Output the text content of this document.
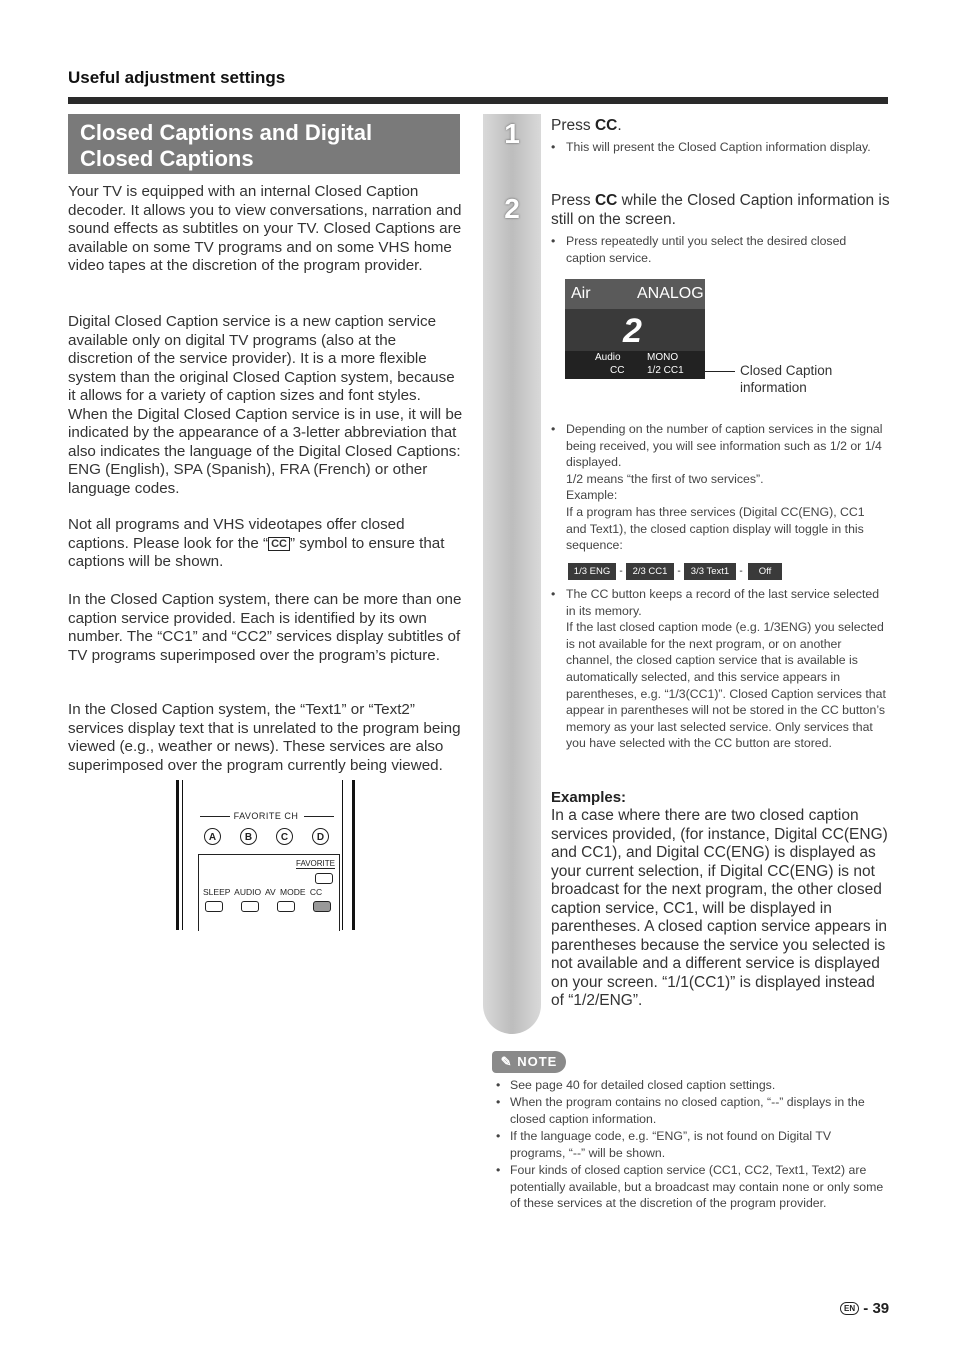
Useful adjustment settings
Closed Captions and Digital Closed Captions
Your TV is equipped with an internal Closed Caption decoder. It allows you to view conversations, narration and sound effects as subtitles on your TV. Closed Captions are available on some TV programs and on some VHS home video tapes at the discretion of the program provider.
Digital Closed Caption service is a new caption service available only on digital TV programs (also at the discretion of the service provider). It is a more flexible system than the original Closed Caption system, because it allows for a variety of caption sizes and font styles. When the Digital Closed Caption service is in use, it will be indicated by the appearance of a 3-letter abbreviation that also indicates the language of the Digital Closed Captions: ENG (English), SPA (Spanish), FRA (French) or other language codes.
Not all programs and VHS videotapes offer closed captions. Please look for the “ CC ” symbol to ensure that captions will be shown.
In the Closed Caption system, there can be more than one caption service provided. Each is identified by its own number. The “CC1” and “CC2” services display subtitles of TV programs superimposed over the program’s picture.
In the Closed Caption system, the “Text1” or “Text2” services display text that is unrelated to the program being viewed (e.g., weather or news). These services are also superimposed over the program currently being viewed.
FAVORITE CH
A	B	C	D
FAVORITE
SLEEP AUDIO AV MODE CC
1
2
Press CC.
• This will present the Closed Caption information display.
Press CC while the Closed Caption information is still on the screen.
• Press repeatedly until you select the desired closed caption service.
Air	ANALOG
2
Audio	MONO
CC 1/2 CC1	Closed Caption information
• Depending on the number of caption services in the signal being received, you will see information such as 1/2 or 1/4 displayed.
1/2 means “the first of two services”.
Example:
If a program has three services (Digital CC(ENG), CC1 and Text1), the closed caption display will toggle in this sequence:
1/3 ENG -	2/3 CC1 -	3/3 Text1	-	Off
• The CC button keeps a record of the last service selected in its memory.
If the last closed caption mode (e.g. 1/3ENG) you selected is not available for the next program, or on another channel, the closed caption service that is available is automatically selected, and this service appears in parentheses, e.g. “1/3(CC1)”. Closed Caption services that appear in parentheses will not be stored in the CC button’s memory as your last selected service. Only services that you have selected with the CC button are stored.
Examples:
In a case where there are two closed caption services provided, (for instance, Digital CC(ENG) and CC1), and Digital CC(ENG) is displayed as your current selection, if Digital CC(ENG) is not broadcast for the next program, the other closed caption service, CC1, will be displayed in parentheses. A closed caption service appears in parentheses because the service you selected is not available and a different service is displayed on your screen. “1/1(CC1)” is displayed instead of “1/2/ENG”.
✎ NOTE
• See page 40 for detailed closed caption settings.
• When the program contains no closed caption, “--” displays in the closed caption information.
• If the language code, e.g. “ENG”, is not found on Digital TV programs, “--” will be shown.
• Four kinds of closed caption service (CC1, CC2, Text1, Text2) are potentially available, but a broadcast may contain none or only some of these services at the discretion of the program provider.
EN - 39
